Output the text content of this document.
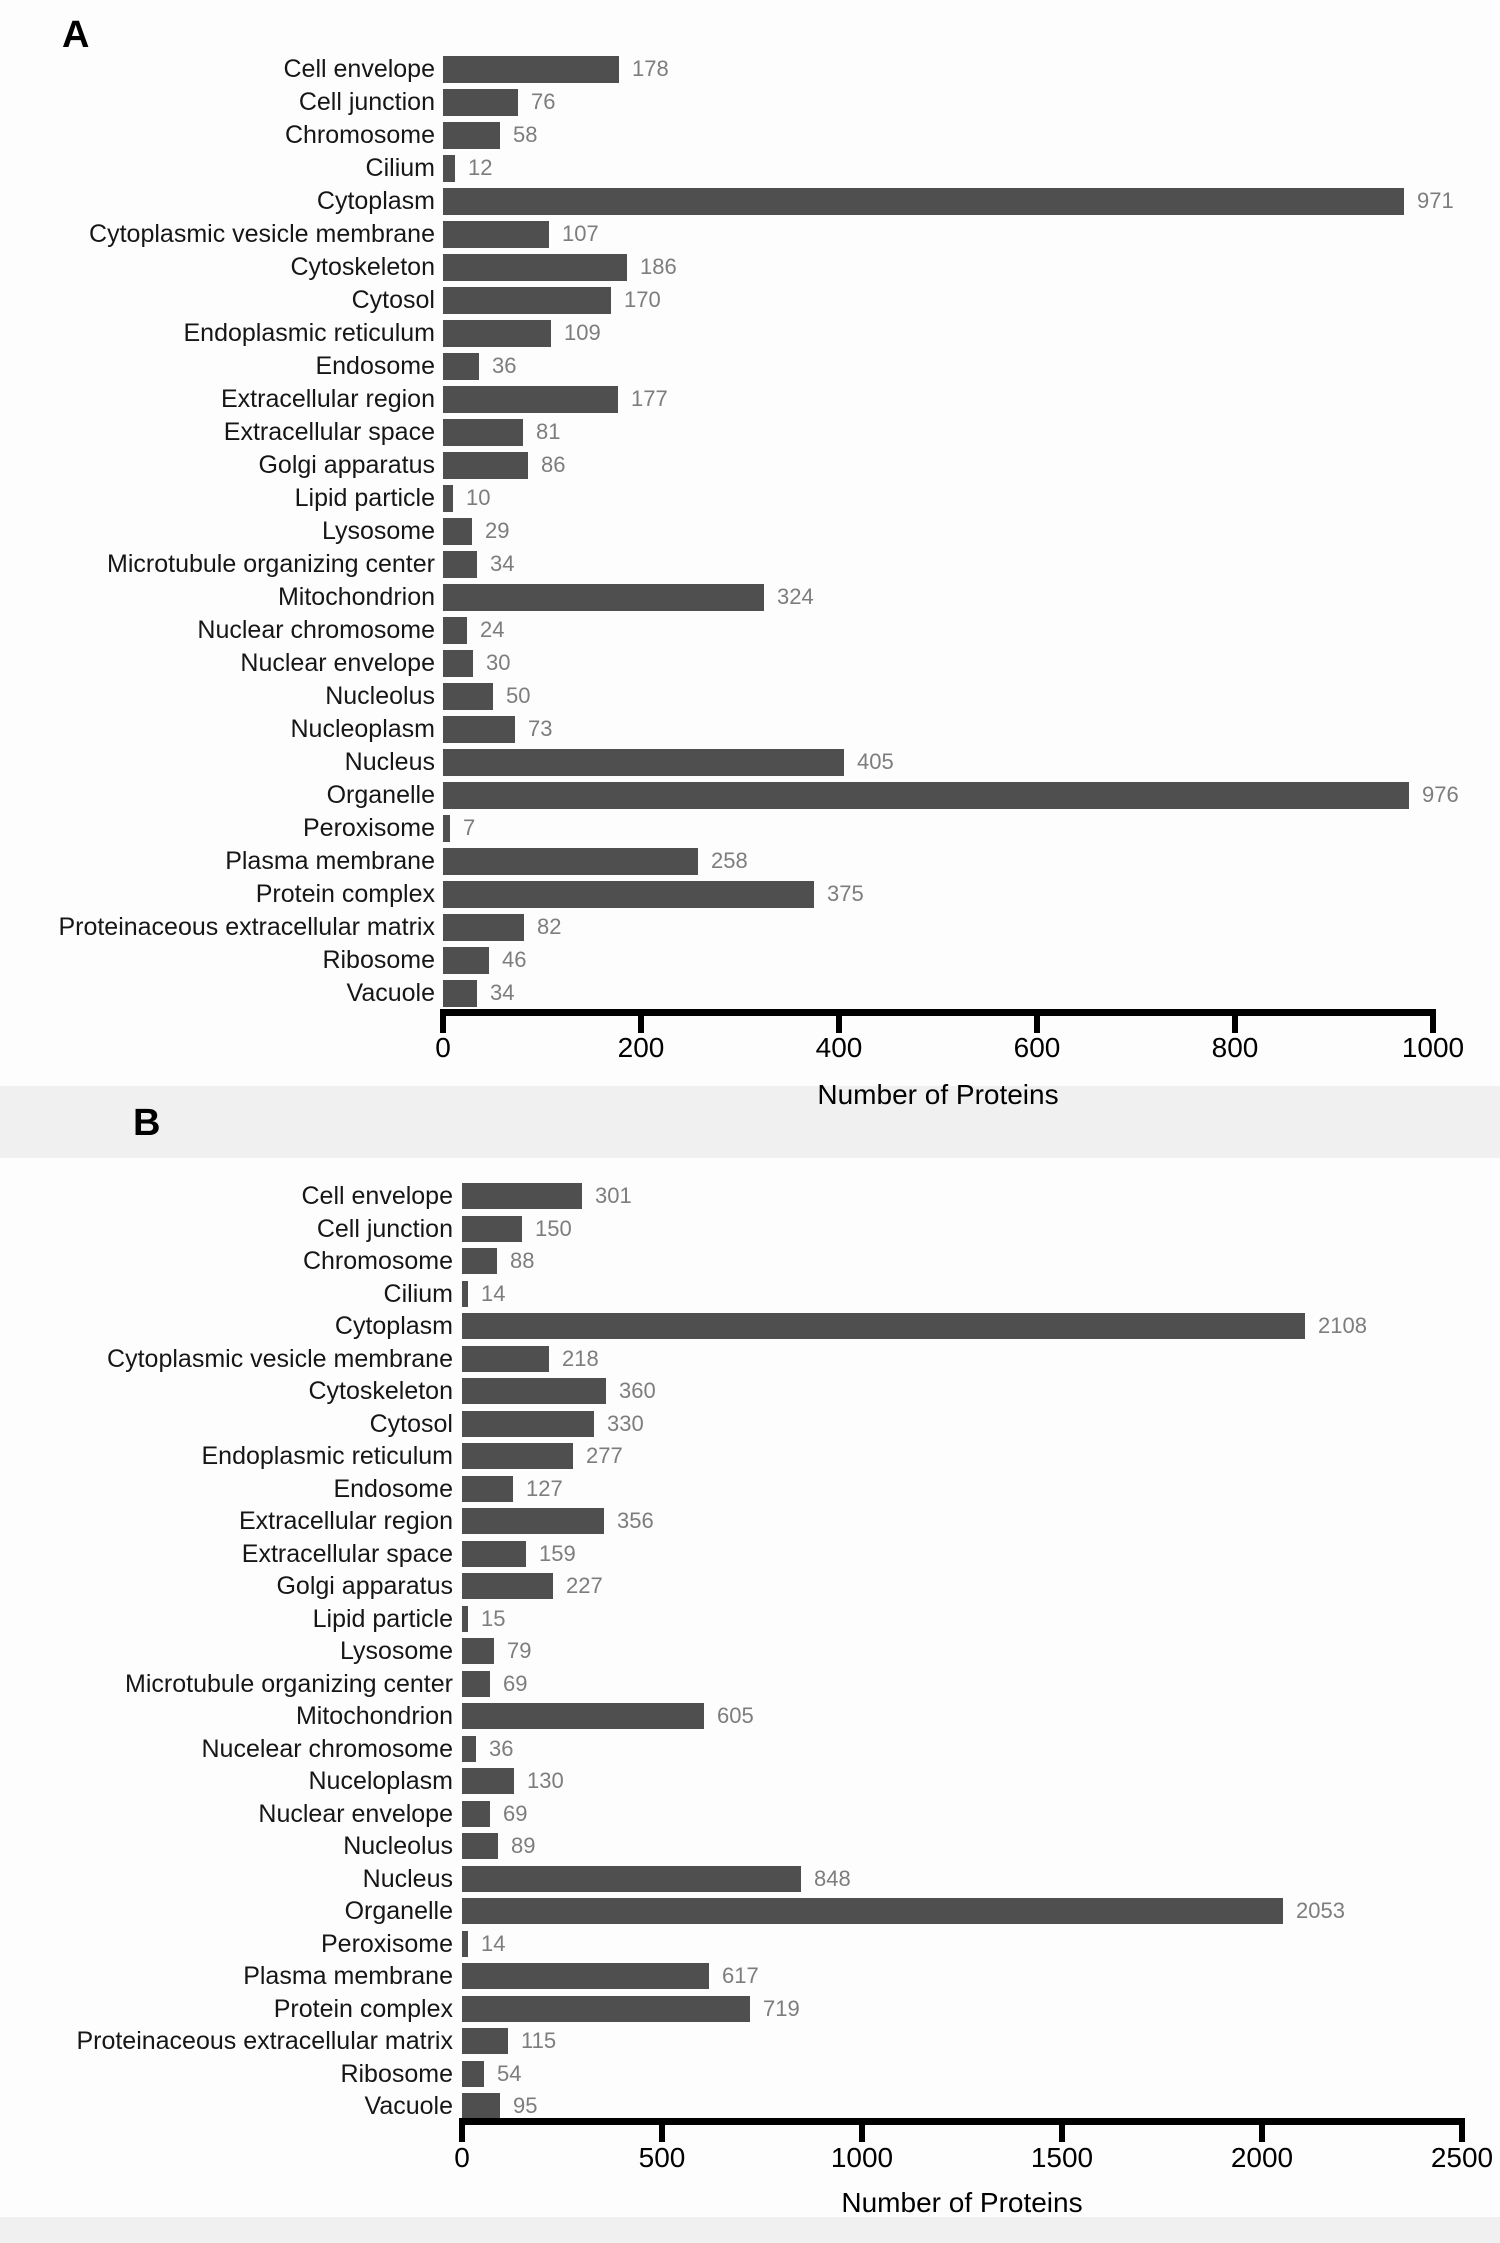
A
B
Cell envelope	178
Cell junction	76
Chromosome	58
Cilium 12
Cytoplasm	971
Cytoplasmic vesicle membrane	107
Cytoskeleton	186
Cytosol	170
Endoplasmic reticulum	109
Endosome	36
Extracellular region	177
Extracellular space	81
Golgi apparatus	86
Lipid particle 10
Lysosome 29
Microtubule organizing center	34
Mitochondrion	324
Nuclear chromosome 24
Nuclear envelope 30
Nucleolus	50
Nucleoplasm	73
Nucleus	405
Organelle	976
Peroxisome 7
Plasma membrane	258
Protein complex	375
Proteinaceous extracellular matrix	82
Ribosome	46
Vacuole	34
0	200	400	600	800	1000
Number of Proteins
Cell envelope	301
Cell junction	150
Chromosome	88
Cilium 14
Cytoplasm	2108
Cytoplasmic vesicle membrane	218
Cytoskeleton	360
Cytosol	330
Endoplasmic reticulum	277
Endosome	127
Extracellular region	356
Extracellular space	159
Golgi apparatus	227
Lipid particle 15
Lysosome 79
Microtubule organizing center 69
Mitochondrion	605
Nucelear chromosome 36
Nuceloplasm	130
Nuclear envelope 69
Nucleolus	89
Nucleus	848
Organelle	2053
Peroxisome 14
Plasma membrane	617
Protein complex	719
Proteinaceous extracellular matrix	115
Ribosome 54
Vacuole	95
0	500	1000	1500	2000	2500
Number of Proteins
